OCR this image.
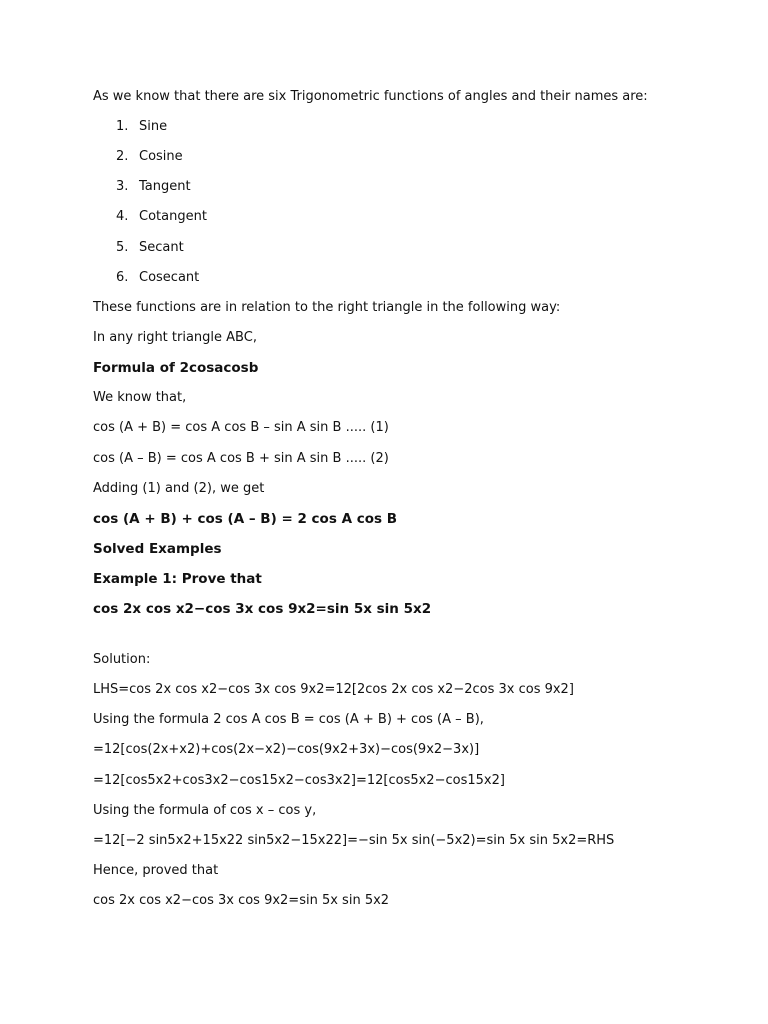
As we know that there are six Trigonometric functions of angles and their names are:
1. Sine
2. Cosine
3. Tangent
4. Cotangent
5. Secant
6. Cosecant
These functions are in relation to the right triangle in the following way:
In any right triangle ABC,
Formula of 2cosacosb
We know that,
cos (A + B) = cos A cos B – sin A sin B ..... (1)
cos (A – B) = cos A cos B + sin A sin B ..... (2)
Adding (1) and (2), we get
cos (A + B) + cos (A – B) = 2 cos A cos B
Solved Examples
Example 1: Prove that
cos 2x cos x2−cos 3x cos 9x2=sin 5x sin 5x2
Solution:
LHS=cos 2x cos x2−cos 3x cos 9x2=12[2cos 2x cos x2−2cos 3x cos 9x2]
Using the formula 2 cos A cos B = cos (A + B) + cos (A – B),
=12[cos(2x+x2)+cos(2x−x2)−cos(9x2+3x)−cos(9x2−3x)]
=12[cos5x2+cos3x2−cos15x2−cos3x2]=12[cos5x2−cos15x2]
Using the formula of cos x – cos y,
=12[−2 sin5x2+15x22 sin5x2−15x22]=−sin 5x sin(−5x2)=sin 5x sin 5x2=RHS
Hence, proved that
cos 2x cos x2−cos 3x cos 9x2=sin 5x sin 5x2
